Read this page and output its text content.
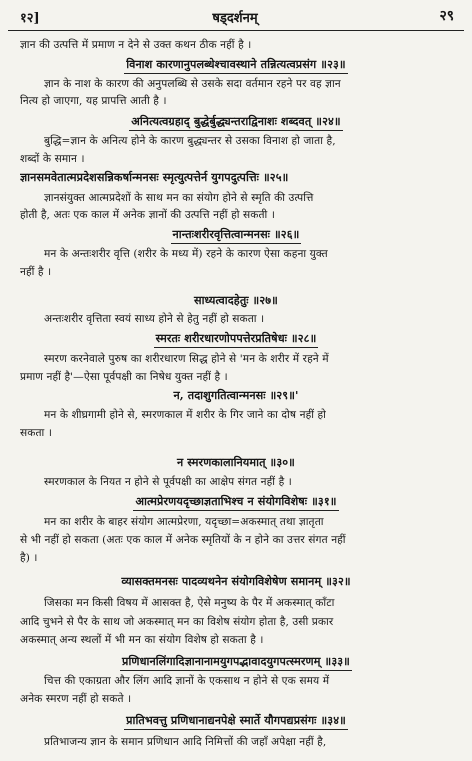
१२]	षड्दर्शनम्	२९
ज्ञान की उत्पत्ति में प्रमाण न देने से उक्त कथन ठीक नहीं है ।
विनाश कारणानुपलब्धेश्चावस्थाने तन्नित्यत्वप्रसंग ॥२३॥
ज्ञान के नाश के कारण की अनुपलब्धि से उसके सदा वर्तमान रहने पर वह ज्ञान
नित्य हो जाएगा, यह प्रापत्ति आती है ।
अनित्यत्वग्रहाद् बुद्धेर्बुद्ध्यन्तराद्विनाशः शब्दवत् ॥२४॥
बुद्धि=ज्ञान के अनित्य होने के कारण बुद्ध्यन्तर से उसका विनाश हो जाता है,
शब्दों के समान ।
ज्ञानसमवेतात्मप्रदेशसन्निकर्षान्मनसः स्मृत्युत्पत्तेर्न युगपदुत्पत्तिः ॥२५॥
ज्ञानसंयुक्त आत्मप्रदेशों के साथ मन का संयोग होने से स्मृति की उत्पत्ति
होती है, अतः एक काल में अनेक ज्ञानों की उत्पत्ति नहीं हो सकती ।
नान्तःशरीरवृत्तित्वान्मनसः ॥२६॥
मन के अन्तःशरीर वृत्ति (शरीर के मध्य में) रहने के कारण ऐसा कहना युक्त
नहीं है ।
साध्यत्वादहेतुः ॥२७॥
अन्तःशरीर वृत्तिता स्वयं साध्य होने से हेतु नहीं हो सकता ।
स्मरतः शरीरधारणोपपत्तेरप्रतिषेधः ॥२८॥
स्मरण करनेवाले पुरुष का शरीरधारण सिद्ध होने से 'मन के शरीर में रहने में
प्रमाण नहीं है'—ऐसा पूर्वपक्षी का निषेध युक्त नहीं है ।
न, तदाशुगतित्वान्मनसः ॥२९॥'
मन के शीघ्रगामी होने से, स्मरणकाल में शरीर के गिर जाने का दोष नहीं हो
सकता ।
न स्मरणकालानियमात् ॥३०॥
स्मरणकाल के नियत न होने से पूर्वपक्षी का आक्षेप संगत नहीं है ।
आत्मप्रेरणयदृच्छाज्ञताभिश्च न संयोगविशेषः ॥३१॥
मन का शरीर के बाहर संयोग आत्मप्रेरणा, यदृच्छा=अकस्मात् तथा ज्ञातृता
से भी नहीं हो सकता (अतः एक काल में अनेक स्मृतियों के न होने का उत्तर संगत नहीं
है) ।
व्यासक्तमनसः पादव्यथनेन संयोगविशेषेण समानम् ॥३२॥
जिसका मन किसी विषय में आसक्त है, ऐसे मनुष्य के पैर में अकस्मात् काँटा
आदि चुभने से पैर के साथ जो अकस्मात् मन का विशेष संयोग होता है, उसी प्रकार
अकस्मात् अन्य स्थलों में भी मन का संयोग विशेष हो सकता है ।
प्रणिधानलिंगादिज्ञानानामयुगपद्भावादयुगपत्स्मरणम् ॥३३॥
चित्त की एकाग्रता और लिंग आदि ज्ञानों के एकसाथ न होने से एक समय में
अनेक स्मरण नहीं हो सकते ।
प्रातिभवत्तु प्रणिधानाद्यनपेक्षे स्मार्ते यौगपद्यप्रसंगः ॥३४॥
प्रतिभाजन्य ज्ञान के समान प्रणिधान आदि निमित्तों की जहाँ अपेक्षा नहीं है,
